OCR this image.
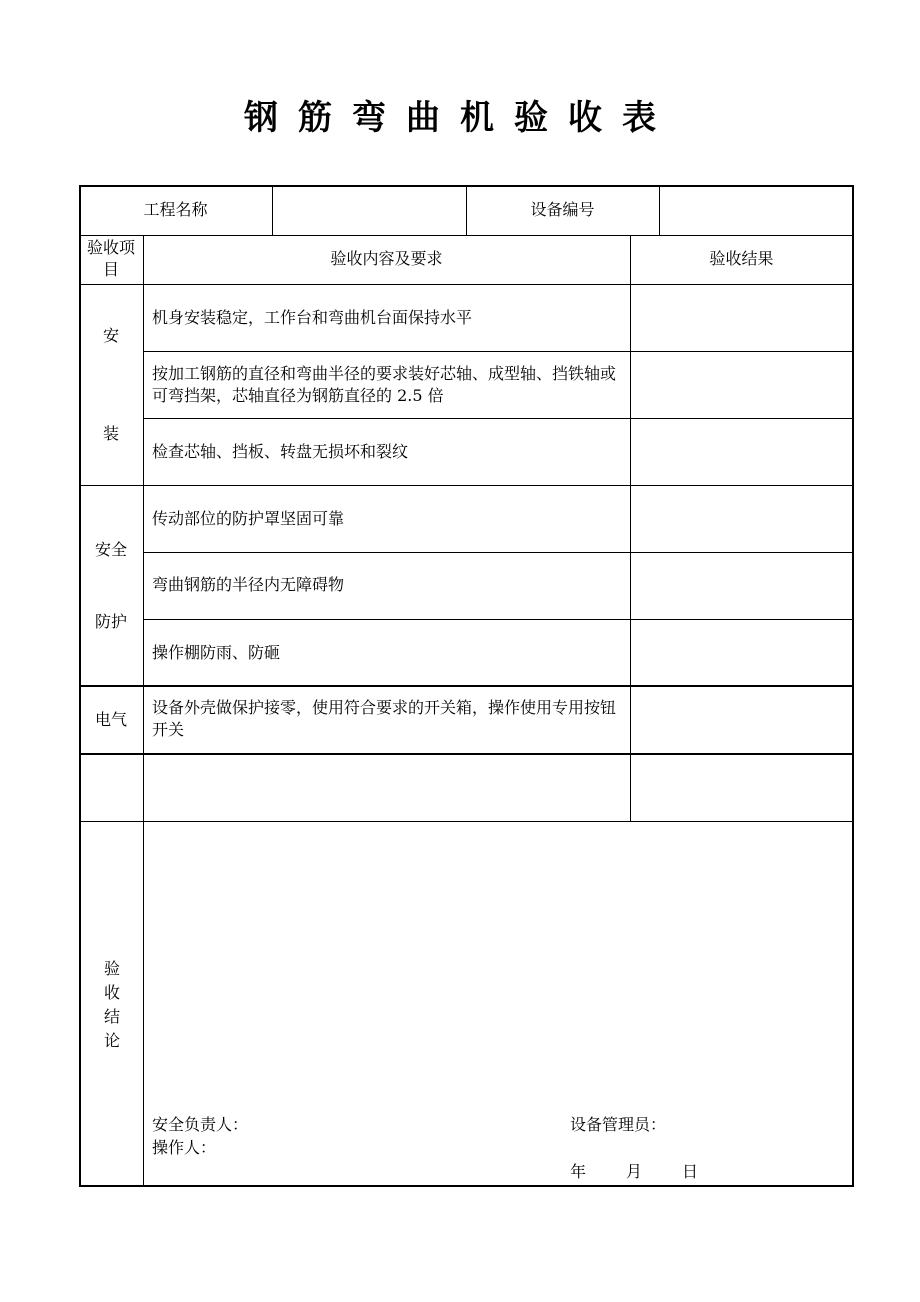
钢筋弯曲机验收表
工程名称	设备编号
验收项目
验收内容及要求	验收结果
安
装
机身安装稳定，工作台和弯曲机台面保持水平
按加工钢筋的直径和弯曲半径的要求装好芯轴、成型轴、挡铁轴或可弯挡架，芯轴直径为钢筋直径的 2.5 倍
检查芯轴、挡板、转盘无损坏和裂纹
安全
防护
传动部位的防护罩坚固可靠
弯曲钢筋的半径内无障碍物
操作棚防雨、防砸
电气
设备外壳做保护接零，使用符合要求的开关箱，操作使用专用按钮开关
验收结论
安全负责人：
操作人：
设备管理员：
年 月 日
